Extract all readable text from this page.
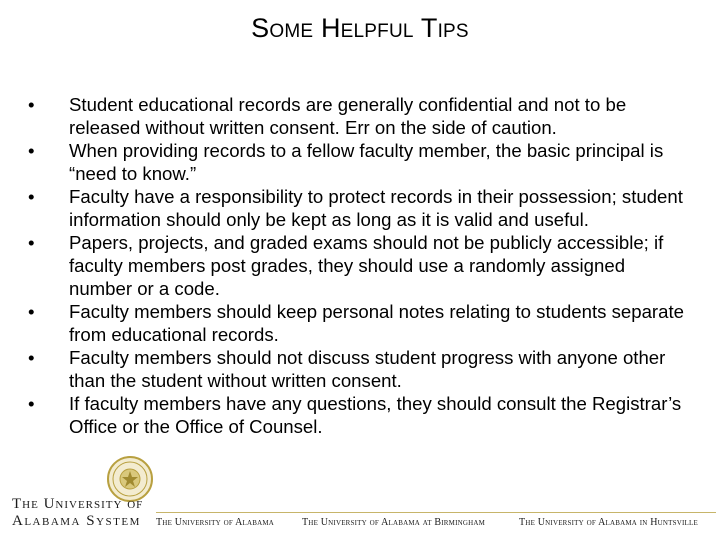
Some Helpful Tips
•	Student educational records are generally confidential and not to be released without written consent. Err on the side of caution.
•	When providing records to a fellow faculty member, the basic principal is “need to know.”
•	Faculty have a responsibility to protect records in their possession; student information should only be kept as long as it is valid and useful.
•	Papers, projects, and graded exams should not be publicly accessible; if faculty members post grades, they should use a randomly assigned number or a code.
•	Faculty members should keep personal notes relating to students separate from educational records.
•	Faculty members should not discuss student progress with anyone other than the student without written consent.
•	If faculty members have any questions, they should consult the Registrar’s Office or the Office of Counsel.
The University of
Alabama System	The University of Alabama	The University of Alabama at Birmingham	The University of Alabama in Huntsville
